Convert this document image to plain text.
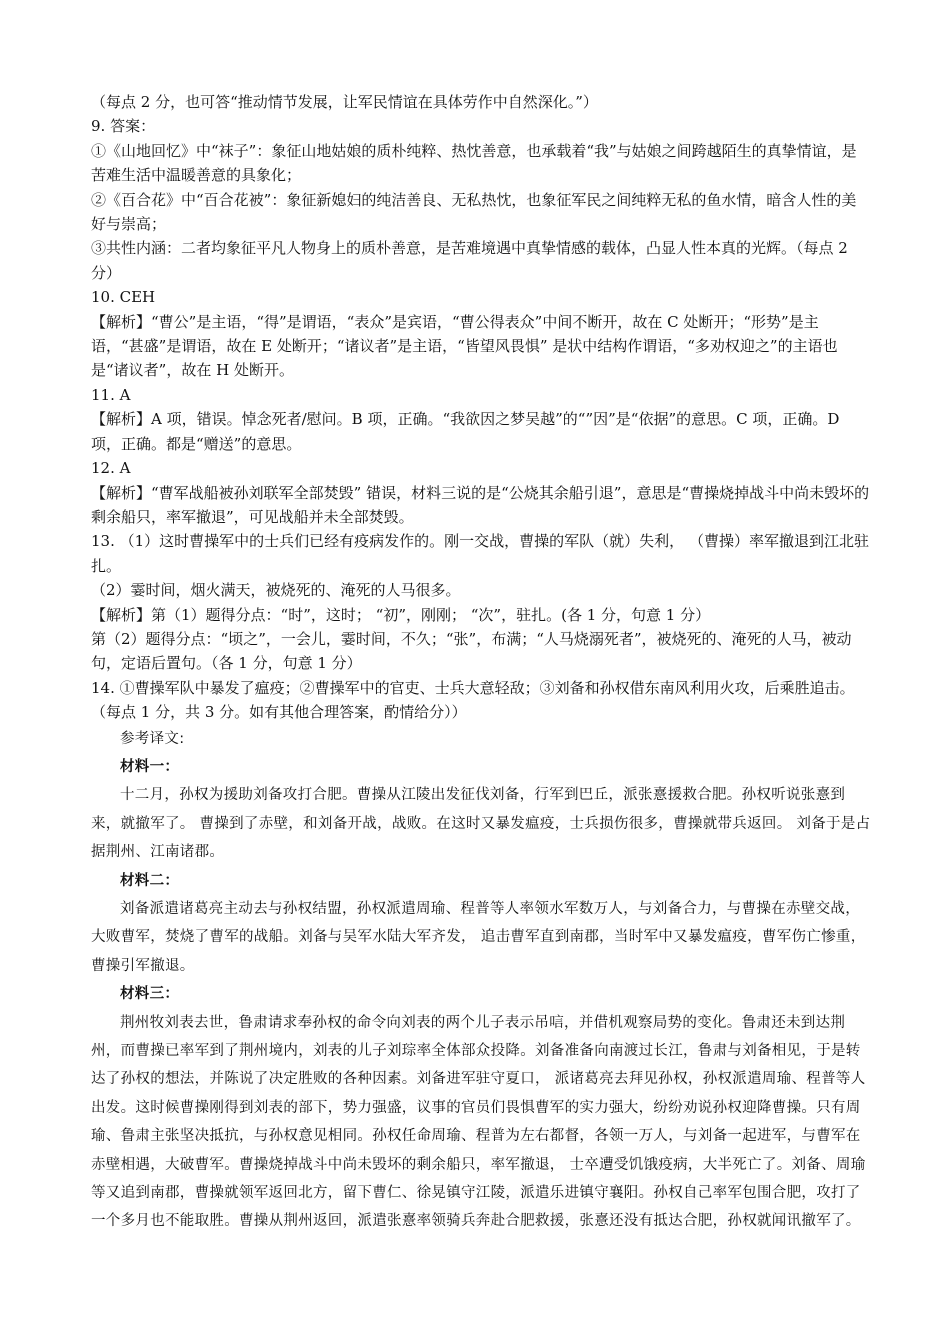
（每点 2 分，也可答“推动情节发展，让军民情谊在具体劳作中自然深化。”）

9. 答案：

①《山地回忆》中“袜子”：象征山地姑娘的质朴纯粹、热忱善意，也承载着“我”与姑娘之间跨越陌生的真挚情谊，是苦难生活中温暖善意的具象化；

②《百合花》中“百合花被”：象征新媳妇的纯洁善良、无私热忱，也象征军民之间纯粹无私的鱼水情，暗含人性的美好与崇高；

③共性内涵：二者均象征平凡人物身上的质朴善意，是苦难境遇中真挚情感的载体，凸显人性本真的光辉。（每点 2 分）

10. CEH

【解析】“曹公”是主语，“得”是谓语，“表众”是宾语，“曹公得表众”中间不断开，故在 C 处断开；“形势”是主语，“甚盛”是谓语，故在 E 处断开；“诸议者”是主语，“皆望风畏惧” 是状中结构作谓语，“多劝权迎之”的主语也是“诸议者”，故在 H 处断开。

11. A

【解析】A 项，错误。悼念死者/慰问。B 项，正确。“我欲因之梦吴越”的“”因”是“依据”的意思。C 项，正确。D 项，正确。都是“赠送”的意思。

12. A

【解析】“曹军战船被孙刘联军全部焚毁” 错误，材料三说的是“公烧其余船引退”，意思是“曹操烧掉战斗中尚未毁坏的剩余船只，率军撤退”，可见战船并未全部焚毁。

13. （1）这时曹操军中的士兵们已经有疫病发作的。刚一交战，曹操的军队（就）失利， （曹操）率军撤退到江北驻扎。

（2）霎时间，烟火满天，被烧死的、淹死的人马很多。

【解析】第（1）题得分点：“时”，这时； “初”，刚刚； “次”，驻扎。(各 1 分，句意 1 分）

第（2）题得分点：“顷之”，一会儿，霎时间，不久；“张”，布满；“人马烧溺死者”，被烧死的、淹死的人马，被动句，定语后置句。（各 1 分，句意 1 分）

14. ①曹操军队中暴发了瘟疫；②曹操军中的官吏、士兵大意轻敌；③刘备和孙权借东南风利用火攻，后乘胜追击。 （每点 1 分，共 3 分。如有其他合理答案，酌情给分））

参考译文:

材料一：

十二月，孙权为援助刘备攻打合肥。曹操从江陵出发征伐刘备，行军到巴丘，派张憙援救合肥。孙权听说张憙到来，就撤军了。 曹操到了赤壁，和刘备开战，战败。在这时又暴发瘟疫，士兵损伤很多，曹操就带兵返回。 刘备于是占据荆州、江南诸郡。

材料二：

刘备派遣诸葛亮主动去与孙权结盟，孙权派遣周瑜、程普等人率领水军数万人，与刘备合力，与曹操在赤壁交战，大败曹军，焚烧了曹军的战船。刘备与吴军水陆大军齐发， 追击曹军直到南郡，当时军中又暴发瘟疫，曹军伤亡惨重，曹操引军撤退。

材料三：

荆州牧刘表去世，鲁肃请求奉孙权的命令向刘表的两个儿子表示吊唁，并借机观察局势的变化。鲁肃还未到达荆州，而曹操已率军到了荆州境内，刘表的儿子刘琮率全体部众投降。刘备准备向南渡过长江，鲁肃与刘备相见，于是转达了孙权的想法，并陈说了决定胜败的各种因素。刘备进军驻守夏口， 派诸葛亮去拜见孙权，孙权派遣周瑜、程普等人出发。这时候曹操刚得到刘表的部下，势力强盛，议事的官员们畏惧曹军的实力强大，纷纷劝说孙权迎降曹操。只有周瑜、鲁肃主张坚决抵抗，与孙权意见相同。孙权任命周瑜、程普为左右都督，各领一万人，与刘备一起进军，与曹军在赤壁相遇，大破曹军。曹操烧掉战斗中尚未毁坏的剩余船只，率军撤退， 士卒遭受饥饿疫病，大半死亡了。刘备、周瑜等又追到南郡，曹操就领军返回北方，留下曹仁、徐晃镇守江陵，派遣乐进镇守襄阳。孙权自己率军包围合肥，攻打了一个多月也不能取胜。曹操从荆州返回，派遣张憙率领骑兵奔赴合肥救援，张憙还没有抵达合肥，孙权就闻讯撤军了。
